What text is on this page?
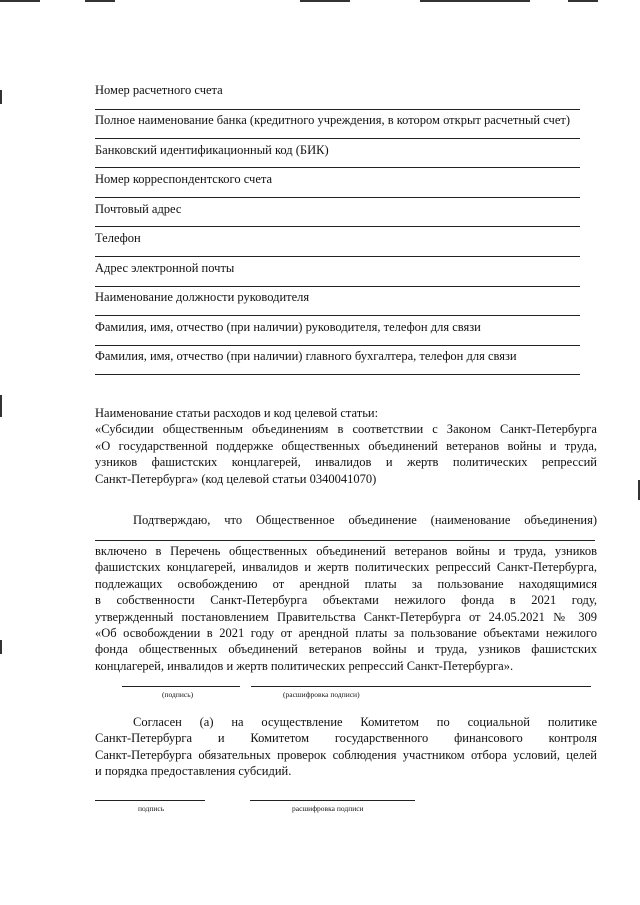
Номер расчетного счета
Полное наименование банка (кредитного учреждения, в котором открыт расчетный счет)
Банковский идентификационный код (БИК)
Номер корреспондентского счета
Почтовый адрес
Телефон
Адрес электронной почты
Наименование должности руководителя
Фамилия, имя, отчество (при наличии) руководителя, телефон для связи
Фамилия, имя, отчество (при наличии) главного бухгалтера, телефон для связи
Наименование статьи расходов и код целевой статьи:
«Субсидии общественным объединениям в соответствии с Законом Санкт-Петербурга
«О государственной поддержке общественных объединений ветеранов войны и труда,
узников фашистских концлагерей, инвалидов и жертв политических репрессий
Санкт-Петербурга» (код целевой статьи 0340041070)
Подтверждаю, что Общественное объединение (наименование объединения)
включено в Перечень общественных объединений ветеранов войны и труда, узников
фашистских концлагерей, инвалидов и жертв политических репрессий Санкт-Петербурга,
подлежащих освобождению от арендной платы за пользование находящимися
в собственности Санкт-Петербурга объектами нежилого фонда в 2021 году,
утвержденный постановлением Правительства Санкт-Петербурга от 24.05.2021 № 309
«Об освобождении в 2021 году от арендной платы за пользование объектами нежилого
фонда общественных объединений ветеранов войны и труда, узников фашистских
концлагерей, инвалидов и жертв политических репрессий Санкт-Петербурга».
(подпись)	(расшифровка подписи)
Согласен (а) на осуществление Комитетом по социальной политике
Санкт-Петербурга и Комитетом государственного финансового контроля
Санкт-Петербурга обязательных проверок соблюдения участником отбора условий, целей
и порядка предоставления субсидий.
подпись	расшифровка подписи
